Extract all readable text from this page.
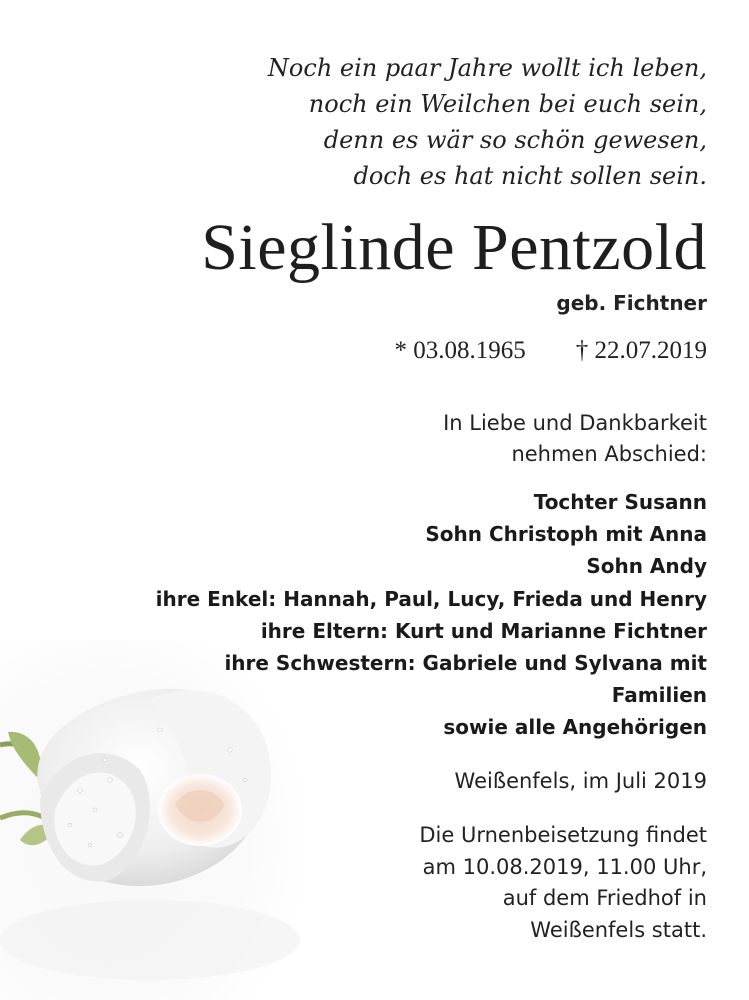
Noch ein paar Jahre wollt ich leben,
noch ein Weilchen bei euch sein,
denn es wär so schön gewesen,
doch es hat nicht sollen sein.
Sieglinde Pentzold
geb. Fichtner
* 03.08.1965 † 22.07.2019
In Liebe und Dankbarkeit
nehmen Abschied:
Tochter Susann
Sohn Christoph mit Anna
Sohn Andy
ihre Enkel: Hannah, Paul, Lucy, Frieda und Henry
ihre Eltern: Kurt und Marianne Fichtner
ihre Schwestern: Gabriele und Sylvana mit
Familien
sowie alle Angehörigen
Weißenfels, im Juli 2019
Die Urnenbeisetzung findet
am 10.08.2019, 11.00 Uhr,
auf dem Friedhof in
Weißenfels statt.
